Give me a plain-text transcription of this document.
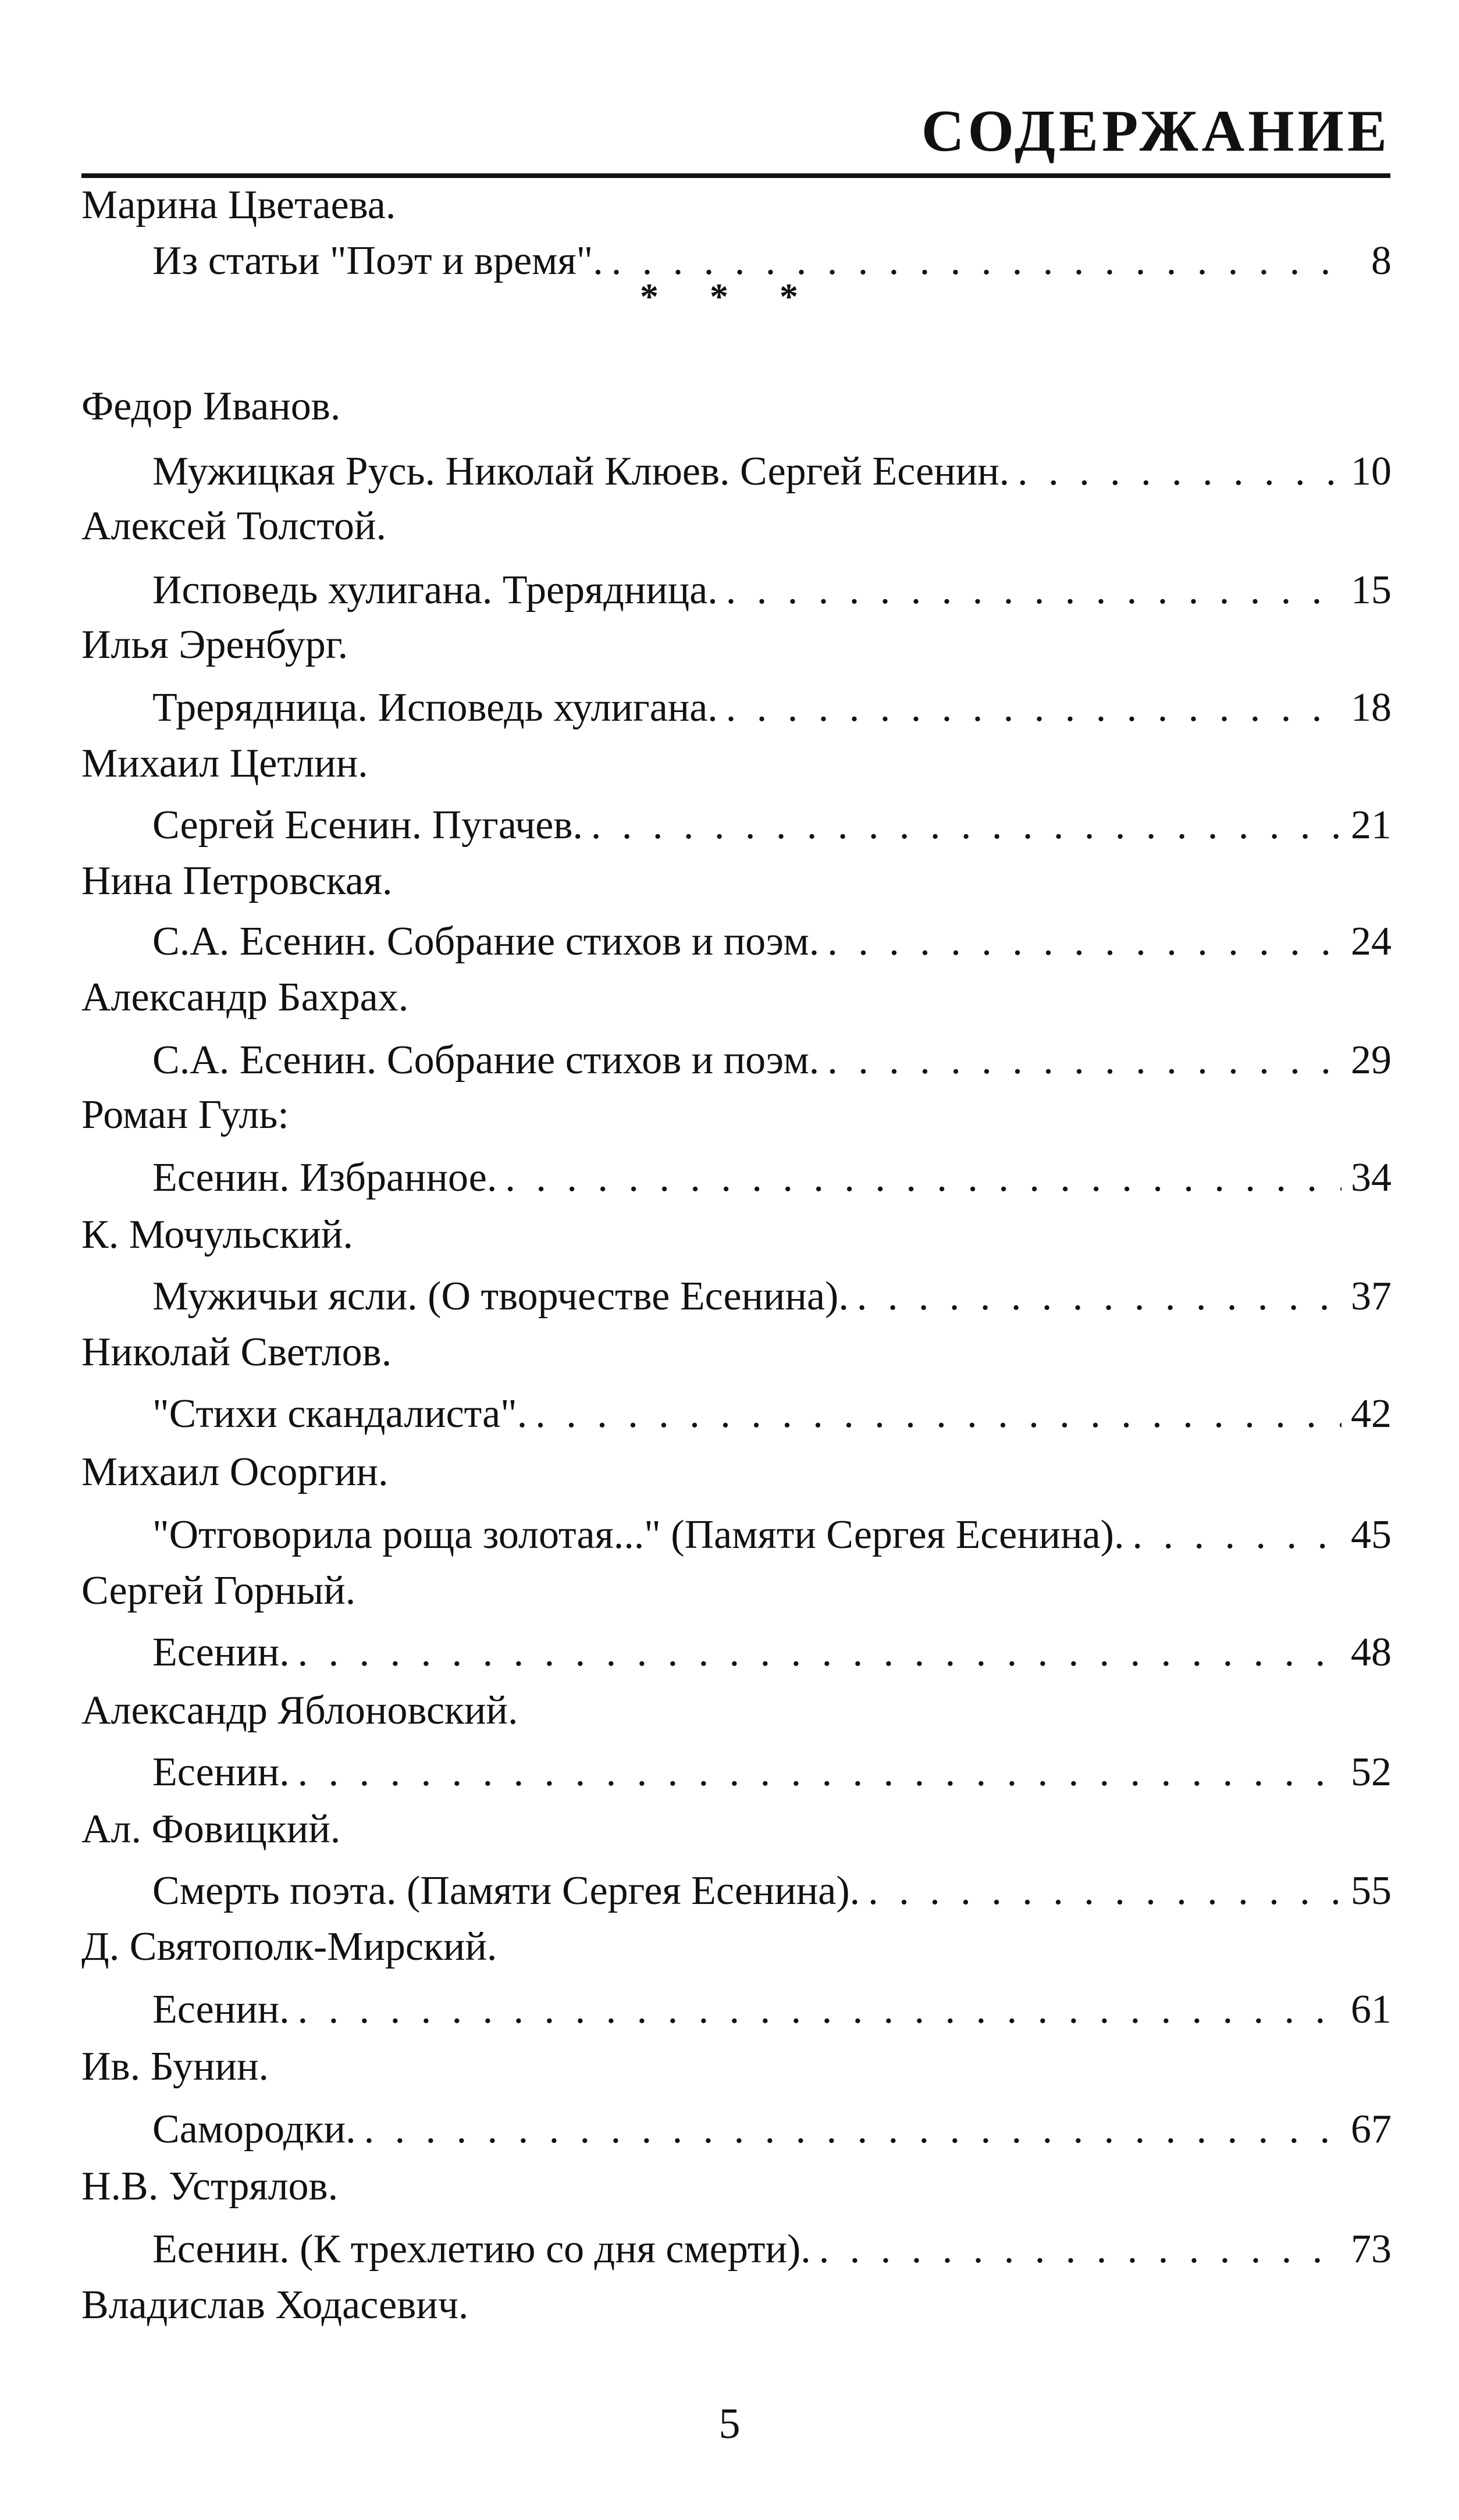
СОДЕРЖАНИЕ
* * *
Марина Цветаева.
Из статьи "Поэт и время". . . .	8
Федор Иванов.
Мужицкая Русь. Николай Клюев. Сергей Есенин. . . .	10
Алексей Толстой.
Исповедь хулигана. Трерядница. . . .	15
Илья Эренбург.
Трерядница. Исповедь хулигана. . . .	18
Михаил Цетлин.
Сергей Есенин. Пугачев. . . .	21
Нина Петровская.
С.А. Есенин. Собрание стихов и поэм. . . .	24
Александр Бахрах.
С.А. Есенин. Собрание стихов и поэм. . . .	29
Роман Гуль:
Есенин. Избранное. . . .	34
К. Мочульский.
Мужичьи ясли. (О творчестве Есенина). . . .	37
Николай Светлов.
"Стихи скандалиста". . . .	42
Михаил Осоргин.
"Отговорила роща золотая..." (Памяти Сергея Есенина). . . .	45
Сергей Горный.
Есенин. . . .	48
Александр Яблоновский.
Есенин. . . .	52
Ал. Фовицкий.
Смерть поэта. (Памяти Сергея Есенина). . . .	55
Д. Святополк-Мирский.
Есенин. . . .	61
Ив. Бунин.
Самородки. . . .	67
Н.В. Устрялов.
Есенин. (К трехлетию со дня смерти). . . .	73
Владислав Ходасевич.
5
